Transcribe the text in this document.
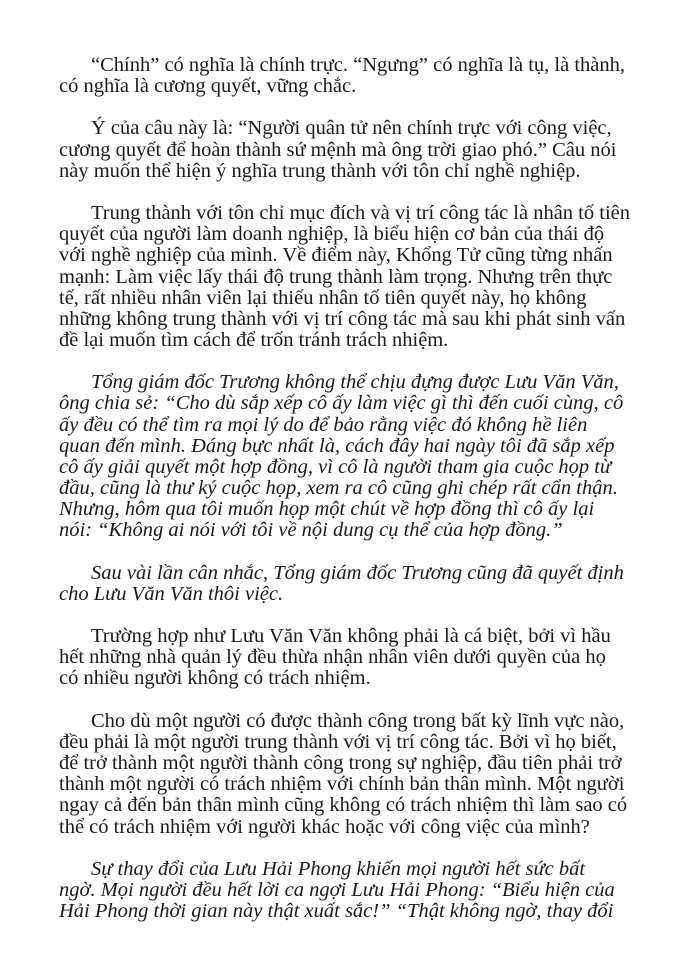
“Chính” có nghĩa là chính trực. “Ngưng” có nghĩa là tụ, là thành,
có nghĩa là cương quyết, vững chắc.

Ý của câu này là: “Người quân tử nên chính trực với công việc,
cương quyết để hoàn thành sứ mệnh mà ông trời giao phó.” Câu nói
này muốn thể hiện ý nghĩa trung thành với tôn chỉ nghề nghiệp.

Trung thành với tôn chỉ mục đích và vị trí công tác là nhân tố tiên
quyết của người làm doanh nghiệp, là biểu hiện cơ bản của thái độ
với nghề nghiệp của mình. Về điểm này, Khổng Tử cũng từng nhấn
mạnh: Làm việc lấy thái độ trung thành làm trọng. Nhưng trên thực
tế, rất nhiều nhân viên lại thiếu nhân tố tiên quyết này, họ không
những không trung thành với vị trí công tác mà sau khi phát sinh vấn
đề lại muốn tìm cách để trốn tránh trách nhiệm.

Tổng giám đốc Trương không thể chịu đựng được Lưu Văn Văn,
ông chia sẻ: “Cho dù sắp xếp cô ấy làm việc gì thì đến cuối cùng, cô
ấy đều có thể tìm ra mọi lý do để bảo rằng việc đó không hề liên
quan đến mình. Đáng bực nhất là, cách đây hai ngày tôi đã sắp xếp
cô ấy giải quyết một hợp đồng, vì cô là người tham gia cuộc họp từ
đầu, cũng là thư ký cuộc họp, xem ra cô cũng ghi chép rất cẩn thận.
Nhưng, hôm qua tôi muốn họp một chút về hợp đồng thì cô ấy lại
nói: “Không ai nói với tôi về nội dung cụ thể của hợp đồng.”

Sau vài lần cân nhắc, Tổng giám đốc Trương cũng đã quyết định
cho Lưu Văn Văn thôi việc.

Trường hợp như Lưu Văn Văn không phải là cá biệt, bởi vì hầu
hết những nhà quản lý đều thừa nhận nhân viên dưới quyền của họ
có nhiều người không có trách nhiệm.

Cho dù một người có được thành công trong bất kỳ lĩnh vực nào,
đều phải là một người trung thành với vị trí công tác. Bởi vì họ biết,
để trở thành một người thành công trong sự nghiệp, đầu tiên phải trở
thành một người có trách nhiệm với chính bản thân mình. Một người
ngay cả đến bản thân mình cũng không có trách nhiệm thì làm sao có
thể có trách nhiệm với người khác hoặc với công việc của mình?

Sự thay đổi của Lưu Hải Phong khiến mọi người hết sức bất
ngờ. Mọi người đều hết lời ca ngợi Lưu Hải Phong: “Biểu hiện của
Hải Phong thời gian này thật xuất sắc!” “Thật không ngờ, thay đổi
